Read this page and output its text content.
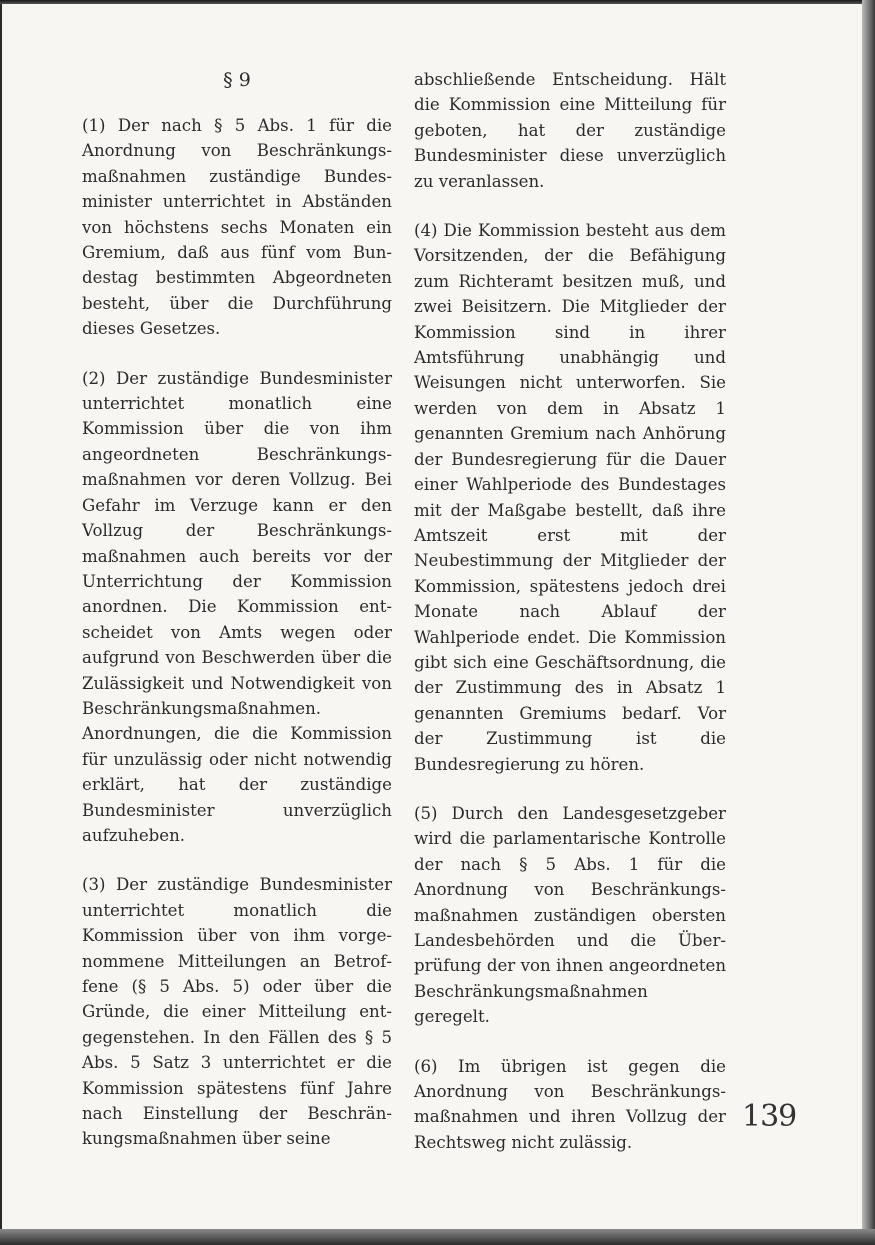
§ 9

(1) Der nach § 5 Abs. 1 für die Anordnung von Beschränkungsmaßnahmen zuständige Bundesminister unterrichtet in Abständen von höchstens sechs Monaten ein Gremium, daß aus fünf vom Bundestag bestimmten Abgeordneten besteht, über die Durchführung dieses Gesetzes.

(2) Der zuständige Bundesminister unterrichtet monatlich eine Kommission über die von ihm angeordneten Beschränkungsmaßnahmen vor deren Vollzug. Bei Gefahr im Verzuge kann er den Vollzug der Beschränkungsmaßnahmen auch bereits vor der Unterrichtung der Kommission anordnen. Die Kommission entscheidet von Amts wegen oder aufgrund von Beschwerden über die Zulässigkeit und Notwendigkeit von Beschränkungsmaßnahmen. Anordnungen, die die Kommission für unzulässig oder nicht notwendig erklärt, hat der zuständige Bundesminister unverzüglich aufzuheben.

(3) Der zuständige Bundesminister unterrichtet monatlich die Kommission über von ihm vorgenommene Mitteilungen an Betroffene (§ 5 Abs. 5) oder über die Gründe, die einer Mitteilung entgegenstehen. In den Fällen des § 5 Abs. 5 Satz 3 unterrichtet er die Kommission spätestens fünf Jahre nach Einstellung der Beschränkungsmaßnahmen über seine

abschließende Entscheidung. Hält die Kommission eine Mitteilung für geboten, hat der zuständige Bundesminister diese unverzüglich zu veranlassen.

(4) Die Kommission besteht aus dem Vorsitzenden, der die Befähigung zum Richteramt besitzen muß, und zwei Beisitzern. Die Mitglieder der Kommission sind in ihrer Amtsführung unabhängig und Weisungen nicht unterworfen. Sie werden von dem in Absatz 1 genannten Gremium nach Anhörung der Bundesregierung für die Dauer einer Wahlperiode des Bundestages mit der Maßgabe bestellt, daß ihre Amtszeit erst mit der Neubestimmung der Mitglieder der Kommission, spätestens jedoch drei Monate nach Ablauf der Wahlperiode endet. Die Kommission gibt sich eine Geschäftsordnung, die der Zustimmung des in Absatz 1 genannten Gremiums bedarf. Vor der Zustimmung ist die Bundesregierung zu hören.

(5) Durch den Landesgesetzgeber wird die parlamentarische Kontrolle der nach § 5 Abs. 1 für die Anordnung von Beschränkungsmaßnahmen zuständigen obersten Landesbehörden und die Überprüfung der von ihnen angeordneten Beschränkungsmaßnahmen geregelt.

(6) Im übrigen ist gegen die Anordnung von Beschränkungsmaßnahmen und ihren Vollzug der Rechtsweg nicht zulässig.

139
